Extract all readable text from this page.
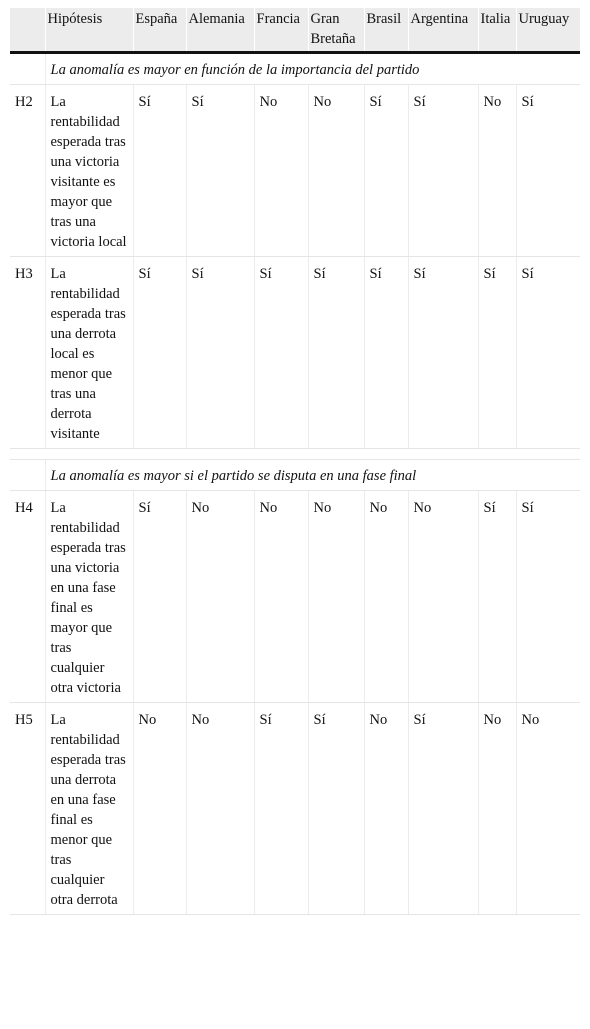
	Hipótesis	España	Alemania	Francia	Gran Bretaña	Brasil	Argentina	Italia	Uruguay
	La anomalía es mayor en función de la importancia del partido								
H2	La rentabilidad esperada tras una victoria visitante es mayor que tras una victoria local	Sí	Sí	No	No	Sí	Sí	No	Sí
H3	La rentabilidad esperada tras una derrota local es menor que tras una derrota visitante	Sí	Sí	Sí	Sí	Sí	Sí	Sí	Sí

	La anomalía es mayor si el partido se disputa en una fase final								
H4	La rentabilidad esperada tras una victoria en una fase final es mayor que tras cualquier otra victoria	Sí	No	No	No	No	No	Sí	Sí
H5	La rentabilidad esperada tras una derrota en una fase final es menor que tras cualquier otra derrota	No	No	Sí	Sí	No	Sí	No	No
